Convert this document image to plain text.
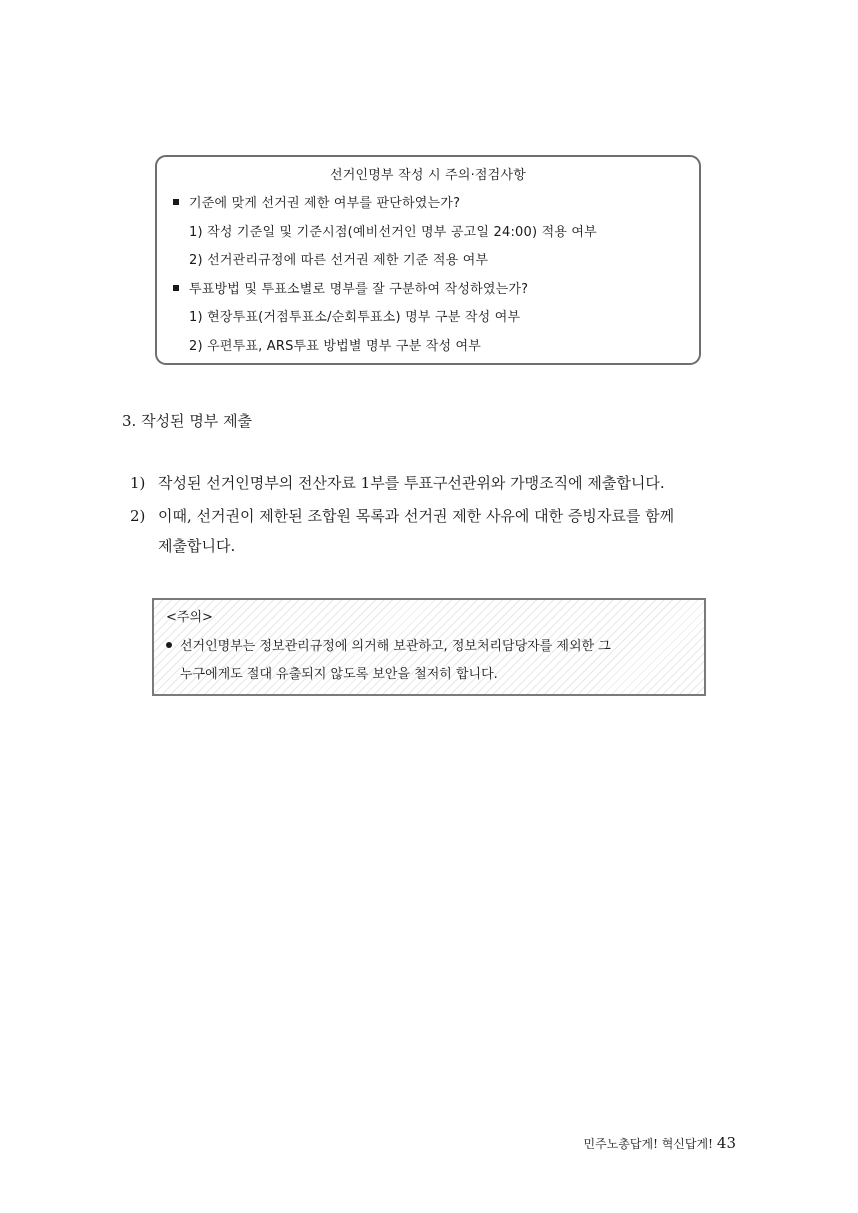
선거인명부 작성 시 주의·점검사항
기준에 맞게 선거권 제한 여부를 판단하였는가?
1) 작성 기준일 및 기준시점(예비선거인 명부 공고일 24:00) 적용 여부
2) 선거관리규정에 따른 선거권 제한 기준 적용 여부
투표방법 및 투표소별로 명부를 잘 구분하여 작성하였는가?
1) 현장투표(거점투표소/순회투표소) 명부 구분 작성 여부
2) 우편투표, ARS투표 방법별 명부 구분 작성 여부
3. 작성된 명부 제출
1) 작성된 선거인명부의 전산자료 1부를 투표구선관위와 가맹조직에 제출합니다.
2) 이때, 선거권이 제한된 조합원 목록과 선거권 제한 사유에 대한 증빙자료를 함께
제출합니다.
<주의>
선거인명부는 정보관리규정에 의거해 보관하고, 정보처리담당자를 제외한 그
누구에게도 절대 유출되지 않도록 보안을 철저히 합니다.
민주노총답게! 혁신답게! 43
